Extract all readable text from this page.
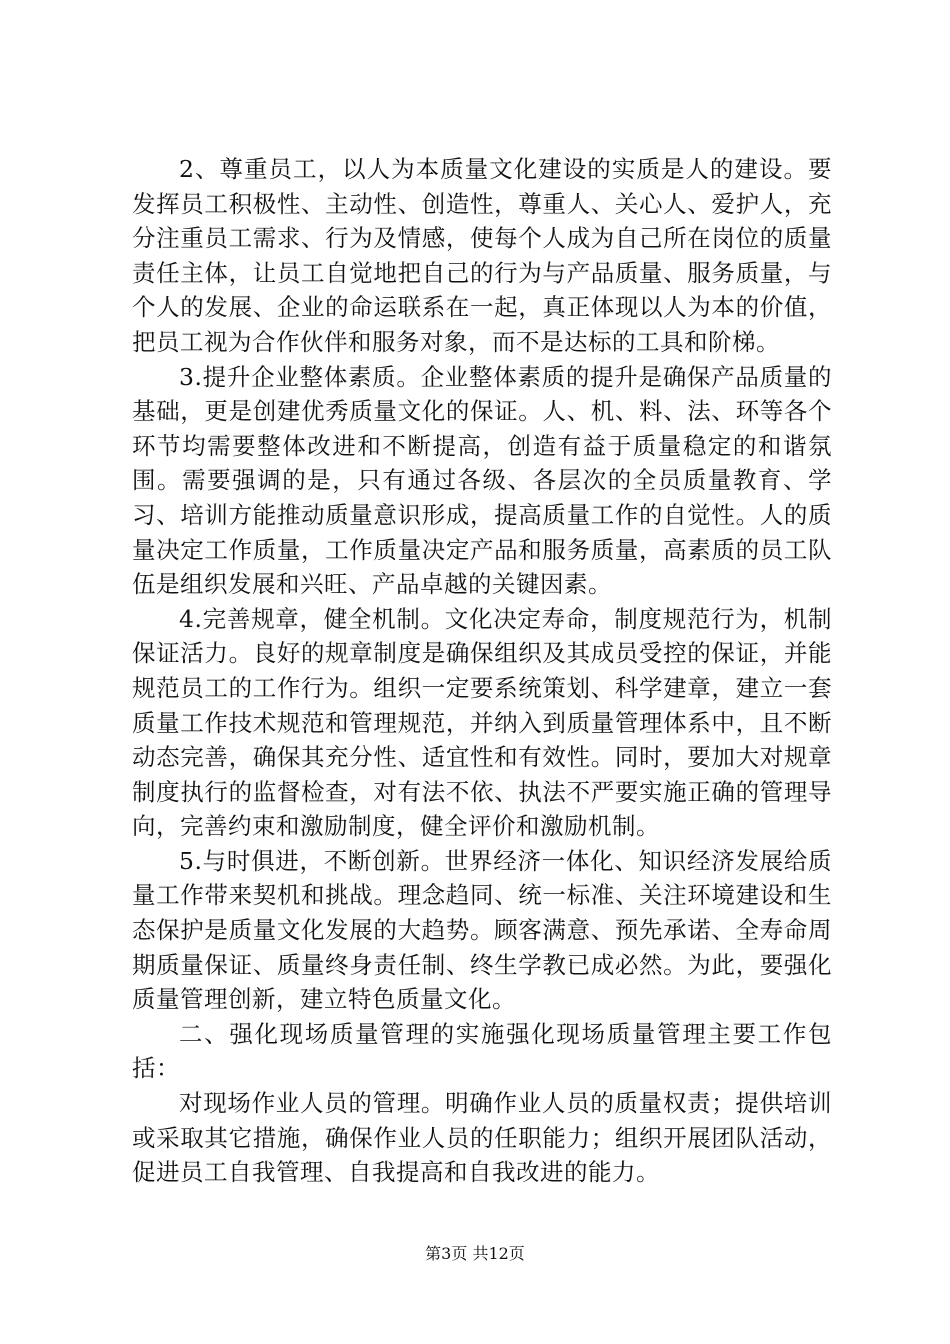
2、尊重员工，以人为本质量文化建设的实质是人的建设。要发挥员工积极性、主动性、创造性，尊重人、关心人、爱护人，充分注重员工需求、行为及情感，使每个人成为自己所在岗位的质量责任主体，让员工自觉地把自己的行为与产品质量、服务质量，与个人的发展、企业的命运联系在一起，真正体现以人为本的价值，把员工视为合作伙伴和服务对象，而不是达标的工具和阶梯。

3.提升企业整体素质。企业整体素质的提升是确保产品质量的基础，更是创建优秀质量文化的保证。人、机、料、法、环等各个环节均需要整体改进和不断提高，创造有益于质量稳定的和谐氛围。需要强调的是，只有通过各级、各层次的全员质量教育、学习、培训方能推动质量意识形成，提高质量工作的自觉性。人的质量决定工作质量，工作质量决定产品和服务质量，高素质的员工队伍是组织发展和兴旺、产品卓越的关键因素。

4.完善规章，健全机制。文化决定寿命，制度规范行为，机制保证活力。良好的规章制度是确保组织及其成员受控的保证，并能规范员工的工作行为。组织一定要系统策划、科学建章，建立一套质量工作技术规范和管理规范，并纳入到质量管理体系中，且不断动态完善，确保其充分性、适宜性和有效性。同时，要加大对规章制度执行的监督检查，对有法不依、执法不严要实施正确的管理导向，完善约束和激励制度，健全评价和激励机制。

5.与时俱进，不断创新。世界经济一体化、知识经济发展给质量工作带来契机和挑战。理念趋同、统一标准、关注环境建设和生态保护是质量文化发展的大趋势。顾客满意、预先承诺、全寿命周期质量保证、质量终身责任制、终生学教已成必然。为此，要强化质量管理创新，建立特色质量文化。

二、强化现场质量管理的实施强化现场质量管理主要工作包括：

对现场作业人员的管理。明确作业人员的质量权责；提供培训或采取其它措施，确保作业人员的任职能力；组织开展团队活动，促进员工自我管理、自我提高和自我改进的能力。

第3页 共12页
